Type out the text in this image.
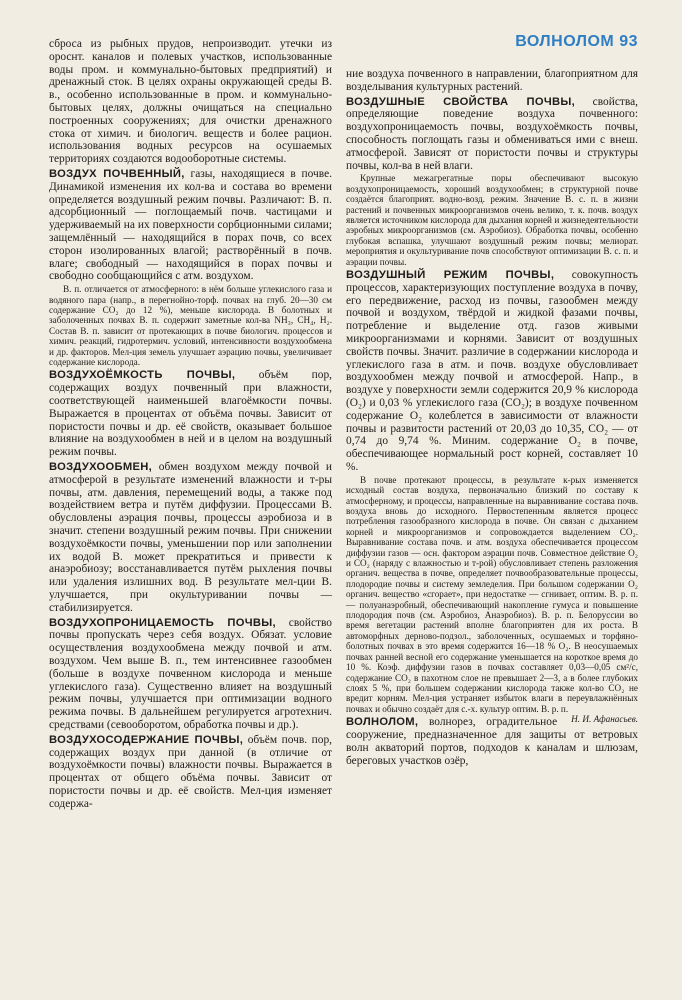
ВОЛНОЛОМ 93

сброса из рыбных прудов, непроизводит. утечки из ороснт. каналов и полевых участков, использованные воды пром. и коммунально-бытовых предприятий) и дренажный сток. В целях охраны окружающей среды В. в., особенно использованные в пром. и коммунально-бытовых целях, должны очищаться на специально построенных сооружениях; для очистки дренажного стока от химич. и биологич. веществ и более рацион. использования водных ресурсов на осушаемых территориях создаются водооборотные системы.

ВОЗДУХ ПОЧВЕННЫЙ, газы, находящиеся в почве. Динамикой изменения их кол-ва и состава во времени определяется воздушный режим почвы. Различают: В. п. адсорбционный — поглощаемый почв. частицами и удерживаемый на их поверхности сорбционными силами; защемлённый — находящийся в порах почв, со всех сторон изолированных влагой; растворённый в почв. влаге; свободный — находящийся в порах почвы и свободно сообщающийся с атм. воздухом.

В. п. отличается от атмосферного: в нём больше углекислого газа и водяного пара (напр., в перегнойно-торф. почвах на глуб. 20—30 см содержание CO₂ до 12 %), меньше кислорода. В болотных и заболоченных почвах В. п. содержит заметные кол-ва NH₃, CH₄, H₂. Состав В. п. зависит от протекающих в почве биологич. процессов и химич. реакций, гидротермич. условий, интенсивности воздухообмена и др. факторов. Мел-ция земель улучшает аэрацию почвы, увеличивает содержание кислорода.

ВОЗДУХОЁМКОСТЬ ПОЧВЫ, объём пор, содержащих воздух почвенный при влажности, соответствующей наименьшей влагоёмкости почвы. Выражается в процентах от объёма почвы. Зависит от пористости почвы и др. её свойств, оказывает большое влияние на воздухообмен в ней и в целом на воздушный режим почвы.

ВОЗДУХООБМЕН, обмен воздухом между почвой и атмосферой в результате изменений влажности и т-ры почвы, атм. давления, перемещений воды, а также под воздействием ветра и путём диффузии. Процессами В. обусловлены аэрация почвы, процессы аэробиоза и в значит. степени воздушный режим почвы. При снижении воздухоёмкости почвы, уменьшении пор или заполнении их водой В. может прекратиться и привести к анаэробиозу; восстанавливается путём рыхления почвы или удаления излишних вод. В результате мел-ции В. улучшается, при окультуривании почвы — стабилизируется.

ВОЗДУХОПРОНИЦАЕМОСТЬ ПОЧВЫ, свойство почвы пропускать через себя воздух. Обязат. условие осуществления воздухообмена между почвой и атм. воздухом. Чем выше В. п., тем интенсивнее газообмен (больше в воздухе почвенном кислорода и меньше углекислого газа). Существенно влияет на воздушный режим почвы, улучшается при оптимизации водного режима почвы. В дальнейшем регулируется агротехнич. средствами (севооборотом, обработка почвы и др.).

ВОЗДУХОСОДЕРЖАНИЕ ПОЧВЫ, объём почв. пор, содержащих воздух при данной (в отличие от воздухоёмкости почвы) влажности почвы. Выражается в процентах от общего объёма почвы. Зависит от пористости почвы и др. её свойств. Мел-ция изменяет содержа-

ние воздуха почвенного в направлении, благоприятном для возделывания культурных растений.

ВОЗДУШНЫЕ СВОЙСТВА ПОЧВЫ, свойства, определяющие поведение воздуха почвенного: воздухопроницаемость почвы, воздухоёмкость почвы, способность поглощать газы и обмениваться ими с внеш. атмосферой. Зависят от пористости почвы и структуры почвы, кол-ва в ней влаги.

Крупные межагрегатные поры обеспечивают высокую воздухопроницаемость, хороший воздухообмен; в структурной почве создаётся благоприят. водно-возд. режим. Значение В. с. п. в жизни растений и почвенных микроорганизмов очень велико, т. к. почв. воздух является источником кислорода для дыхания корней и жизнедеятельности аэробных микроорганизмов (см. Аэробиоз). Обработка почвы, особенно глубокая вспашка, улучшают воздушный режим почвы; мелиорат. мероприятия и окультуривание почв способствуют оптимизации В. с. п. и аэрации почвы.

ВОЗДУШНЫЙ РЕЖИМ ПОЧВЫ, совокупность процессов, характеризующих поступление воздуха в почву, его передвижение, расход из почвы, газообмен между почвой и воздухом, твёрдой и жидкой фазами почвы, потребление и выделение отд. газов живыми микроорганизмами и корнями. Зависит от воздушных свойств почвы. Значит. различие в содержании кислорода и углекислого газа в атм. и почв. воздухе обусловливает воздухообмен между почвой и атмосферой. Напр., в воздухе у поверхности земли содержится 20,9 % кислорода (O₂) и 0,03 % углекислого газа (CO₂); в воздухе почвенном содержание O₂ колеблется в зависимости от влажности почвы и развитости растений от 20,03 до 10,35, CO₂ — от 0,74 до 9,74 %. Миним. содержание O₂ в почве, обеспечивающее нормальный рост корней, составляет 10 %.

В почве протекают процессы, в результате к-рых изменяется исходный состав воздуха, первоначально близкий по составу к атмосферному, и процессы, направленные на выравнивание состава почв. воздуха вновь до исходного. Первостепенным является процесс потребления газообразного кислорода в почве. Он связан с дыханием корней и микроорганизмов и сопровождается выделением CO₂. Выравнивание состава почв. и атм. воздуха обеспечивается процессом диффузии газов — осн. фактором аэрации почв. Совместное действие O₂ и CO₂ (наряду с влажностью и т-рой) обусловливает степень разложения органич. вещества в почве, определяет почвообразовательные процессы, плодородие почвы и систему земледелия. При большом содержании O₂ органич. вещество «сгорает», при недостатке — сгнивает, оптим. В. р. п. — полуанаэробный, обеспечивающий накопление гумуса и повышение плодородия почв (см. Аэробиоз, Анаэробиоз). В. р. п. Белоруссии во время вегетации растений вполне благоприятен для их роста. В автоморфных дерново-подзол., заболоченных, осушаемых и торфяно-болотных почвах в это время содержится 16—18 % O₂. В неосушаемых почвах ранней весной его содержание уменьшается на короткое время до 10 %. Коэф. диффузии газов в почвах составляет 0,03—0,05 см²/с, содержание CO₂ в пахотном слое не превышает 2—3, а в более глубоких слоях 5 %, при большем содержании кислорода также кол-во CO₂ не вредит корням. Мел-ция устраняет избыток влаги в переувлажнённых почвах и обычно создаёт для с.-х. культур оптим. В. р. п.
Н. И. Афанасьев.

ВОЛНОЛОМ, волнорез, оградительное сооружение, предназначенное для защиты от ветровых волн акваторий портов, подходов к каналам и шлюзам, береговых участков озёр,
